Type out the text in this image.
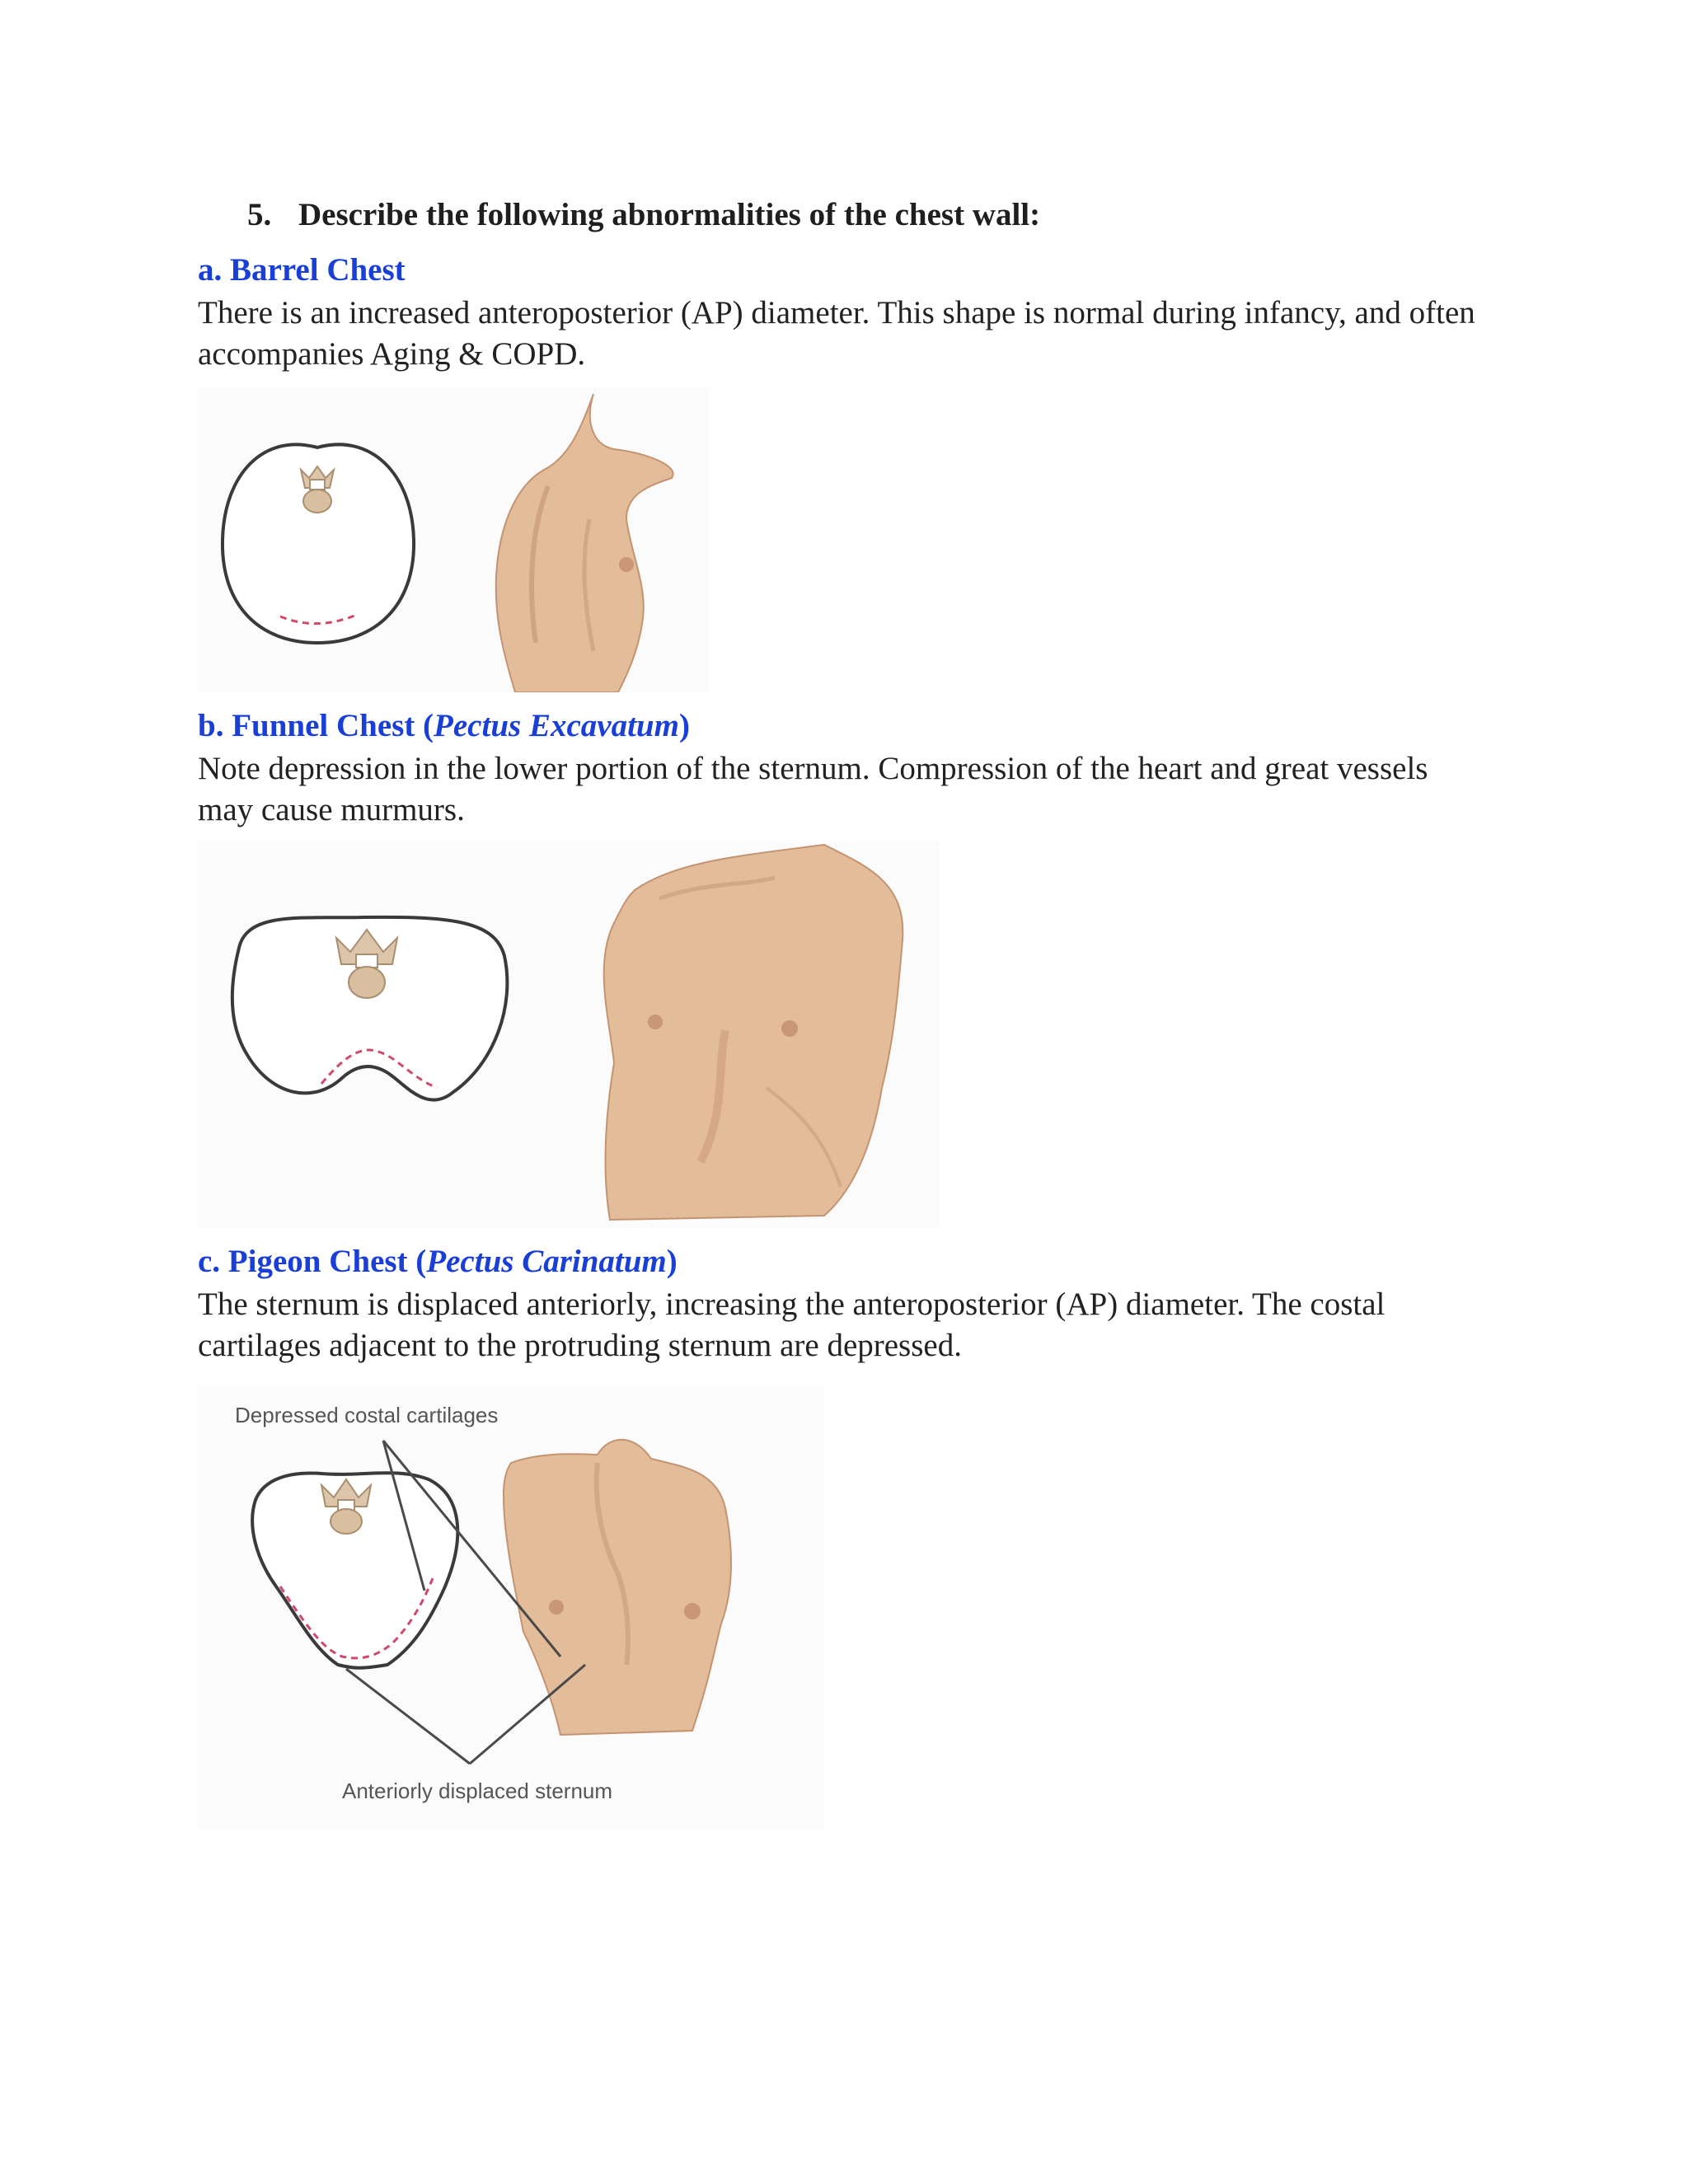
5. Describe the following abnormalities of the chest wall:
a. Barrel Chest
There is an increased anteroposterior (AP) diameter. This shape is normal during infancy, and often accompanies Aging & COPD.
b. Funnel Chest (Pectus Excavatum)
Note depression in the lower portion of the sternum. Compression of the heart and great vessels may cause murmurs.
c. Pigeon Chest (Pectus Carinatum)
The sternum is displaced anteriorly, increasing the anteroposterior (AP) diameter. The costal cartilages adjacent to the protruding sternum are depressed.
Depressed costal cartilages
Anteriorly displaced sternum
